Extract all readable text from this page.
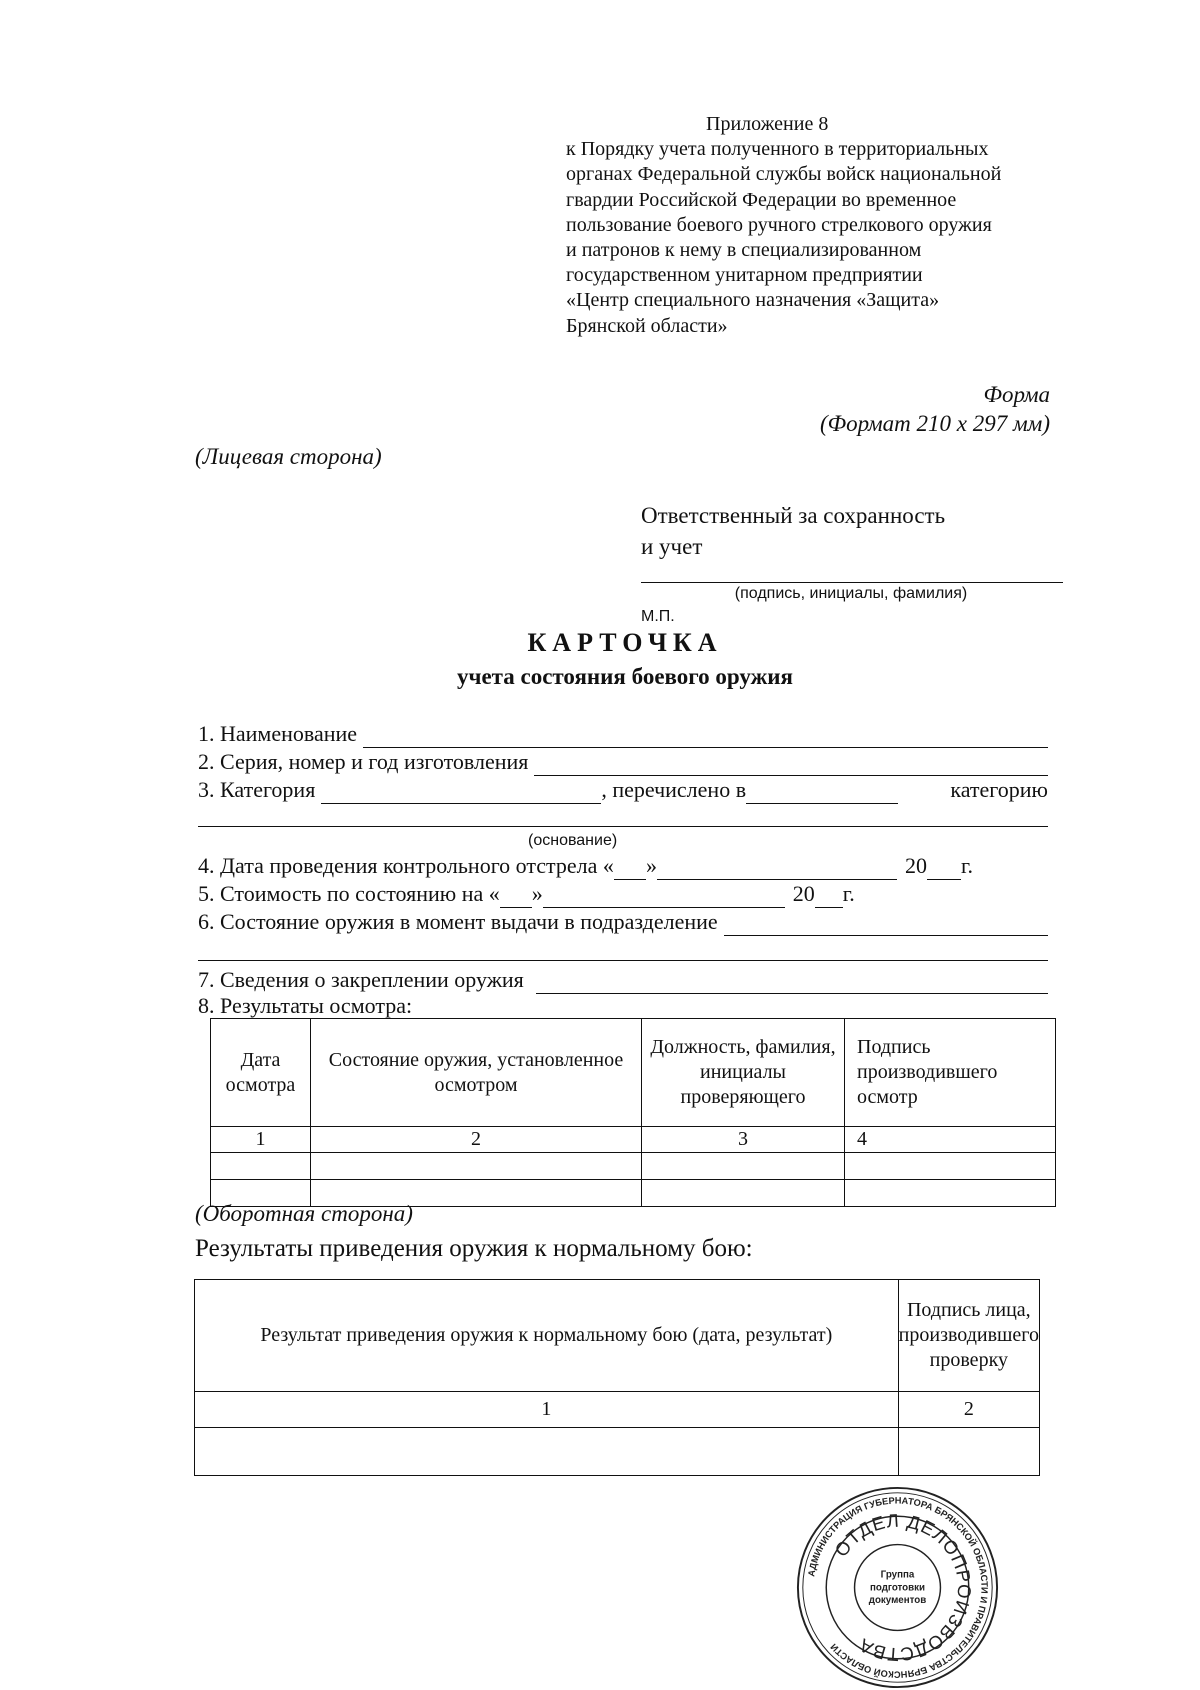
Приложение 8
к Порядку учета полученного в территориальных
органах Федеральной службы войск национальной
гвардии Российской Федерации во временное
пользование боевого ручного стрелкового оружия
и патронов к нему в специализированном
государственном унитарном предприятии
«Центр специального назначения «Защита»
Брянской области»
Форма
(Формат 210 х 297 мм)
(Лицевая сторона)
Ответственный за сохранность
и учет
(подпись, инициалы, фамилия)
М.П.
КАРТОЧКА
учета состояния боевого оружия
1. Наименование
2. Серия, номер и год изготовления
3. Категория	, перечислено в	категорию
(основание)
4. Дата проведения контрольного отстрела « »	20 г.
5. Стоимость по состоянию на « »	20 г.
6. Состояние оружия в момент выдачи в подразделение
7. Сведения о закреплении оружия
8. Результаты осмотра:
Дата осмотра	Состояние оружия, установленное осмотром	Должность, фамилия, инициалы проверяющего	Подпись производившего осмотр
1	2	3	4

(Оборотная сторона)
Результаты приведения оружия к нормальному бою:
Результат приведения оружия к нормальному бою (дата, результат)	Подпись лица, производившего проверку
1	2

АДМИНИСТРАЦИЯ ГУБЕРНАТОРА БРЯНСКОЙ ОБЛАСТИ И ПРАВИТЕЛЬСТВА БРЯНСКОЙ ОБЛАСТИ
ОТДЕЛ ДЕЛОПРОИЗВОДСТВА
Группа
подготовки
документов
